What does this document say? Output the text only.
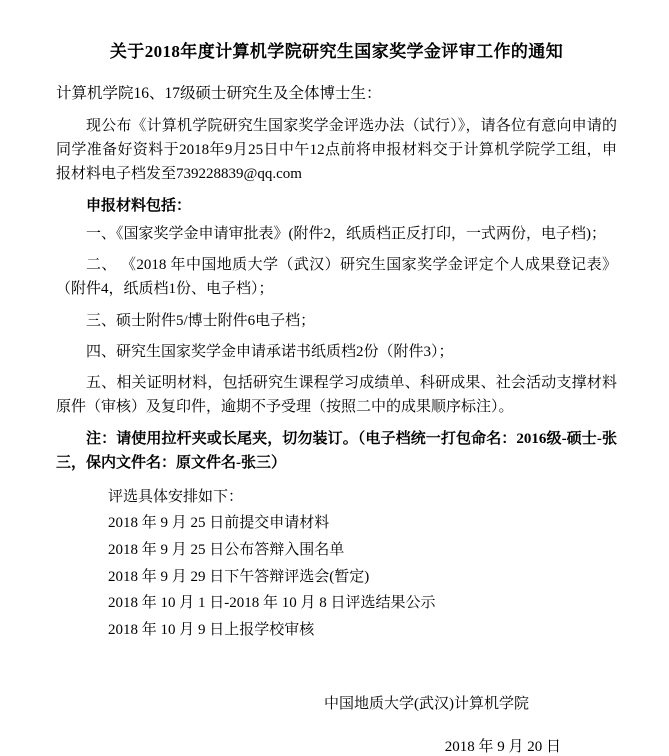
关于2018年度计算机学院研究生国家奖学金评审工作的通知
计算机学院16、17级硕士研究生及全体博士生：

现公布《计算机学院研究生国家奖学金评选办法（试行）》，请各位有意向申请的同学准备好资料于2018年9月25日中午12点前将申报材料交于计算机学院学工组，申报材料电子档发至739228839@qq.com

申报材料包括：

一、《国家奖学金申请审批表》(附件2，纸质档正反打印，一式两份，电子档)；

二、 《2018 年中国地质大学（武汉）研究生国家奖学金评定个人成果登记表》（附件4，纸质档1份、电子档）；

三、硕士附件5/博士附件6电子档；

四、研究生国家奖学金申请承诺书纸质档2份（附件3）；

五、相关证明材料，包括研究生课程学习成绩单、科研成果、社会活动支撑材料原件（审核）及复印件，逾期不予受理（按照二中的成果顺序标注）。

注：请使用拉杆夹或长尾夹，切勿装订。（电子档统一打包命名：2016级-硕士-张三，保内文件名：原文件名-张三）
评选具体安排如下：
2018 年 9 月 25 日前提交申请材料
2018 年 9 月 25 日公布答辩入围名单
2018 年 9 月 29 日下午答辩评选会(暂定)
2018 年 10 月 1 日-2018 年 10 月 8 日评选结果公示
2018 年 10 月 9 日上报学校审核
中国地质大学(武汉)计算机学院
2018 年 9 月 20 日
